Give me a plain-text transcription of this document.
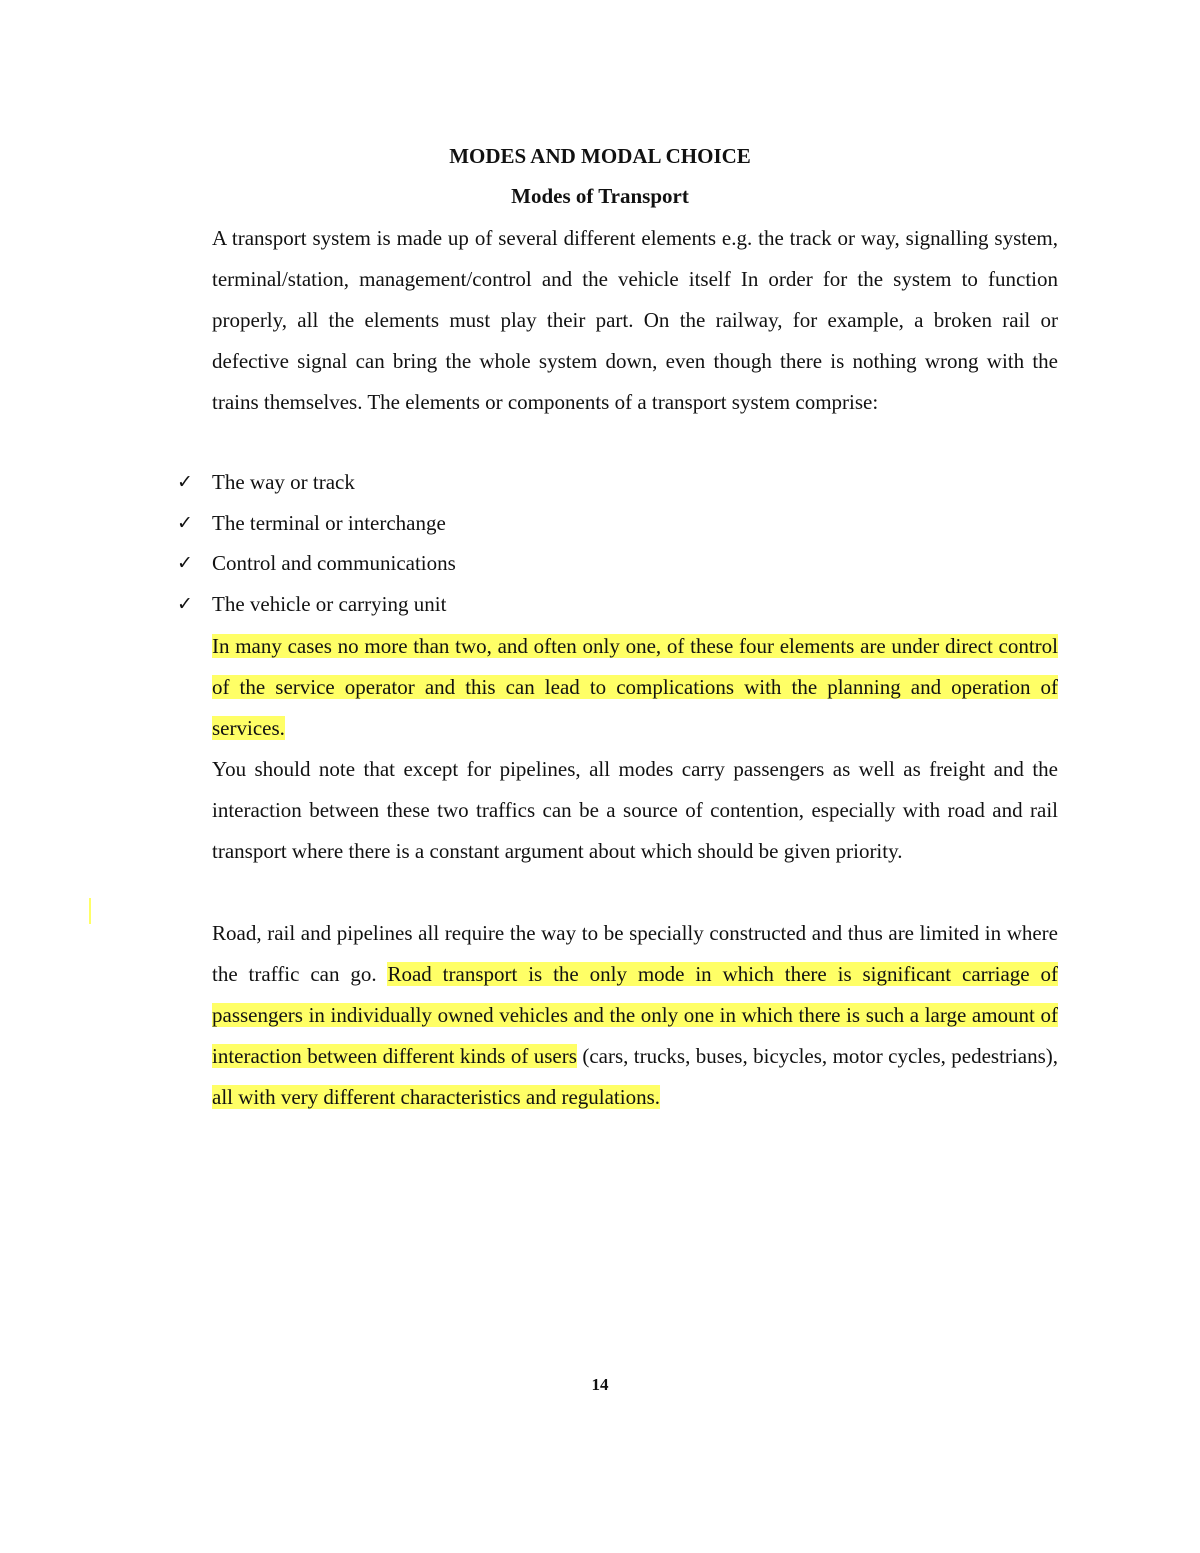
MODES AND MODAL CHOICE
Modes of Transport
A transport system is made up of several different elements e.g. the track or way, signalling system, terminal/station, management/control and the vehicle itself In order for the system to function properly, all the elements must play their part. On the railway, for example, a broken rail or defective signal can bring the whole system down, even though there is nothing wrong with the trains themselves. The elements or components of a transport system comprise:
✓ The way or track
✓ The terminal or interchange
✓ Control and communications
✓ The vehicle or carrying unit
In many cases no more than two, and often only one, of these four elements are under direct control of the service operator and this can lead to complications with the planning and operation of services.
You should note that except for pipelines, all modes carry passengers as well as freight and the interaction between these two traffics can be a source of contention, especially with road and rail transport where there is a constant argument about which should be given priority.
Road, rail and pipelines all require the way to be specially constructed and thus are limited in where the traffic can go. Road transport is the only mode in which there is significant carriage of passengers in individually owned vehicles and the only one in which there is such a large amount of interaction between different kinds of users (cars, trucks, buses, bicycles, motor cycles, pedestrians), all with very different characteristics and regulations.
14
